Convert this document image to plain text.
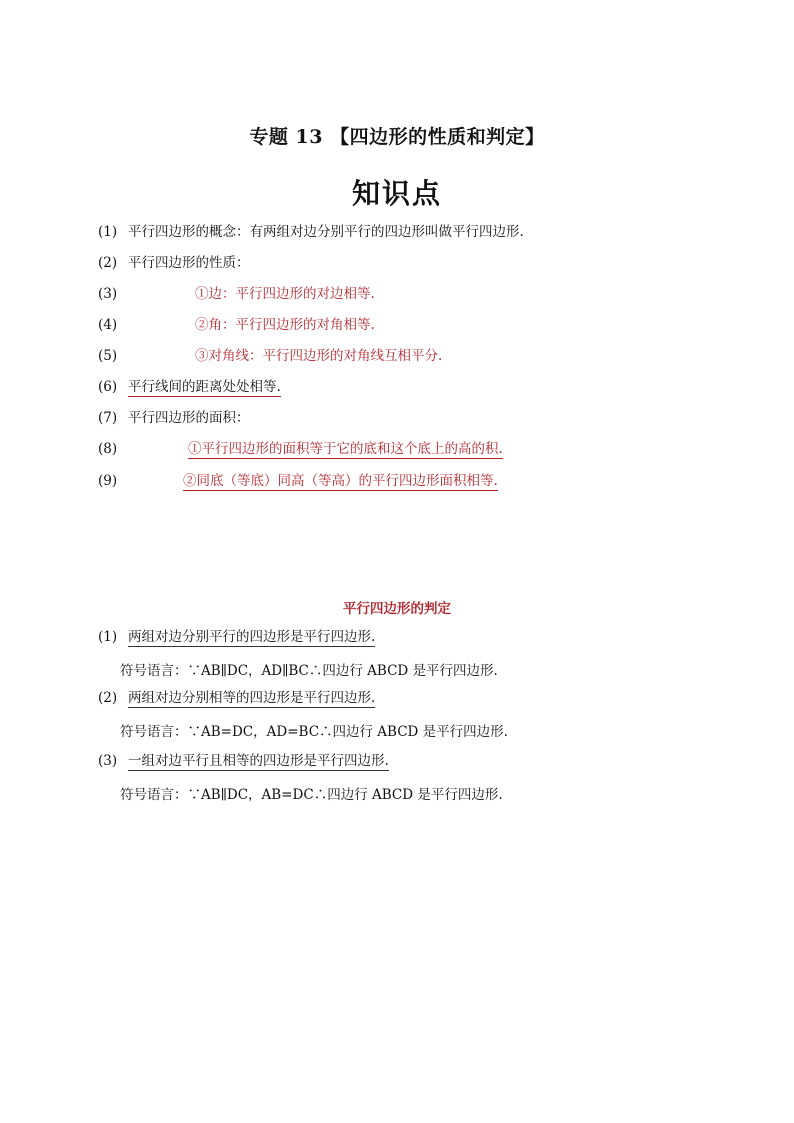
专题 13 【四边形的性质和判定】
知识点
(1) 平行四边形的概念：有两组对边分别平行的四边形叫做平行四边形.
(2) 平行四边形的性质：
(3)	①边：平行四边形的对边相等.
(4)	②角：平行四边形的对角相等.
(5)	③对角线：平行四边形的对角线互相平分.
(6) 平行线间的距离处处相等.
(7) 平行四边形的面积：
(8)	①平行四边形的面积等于它的底和这个底上的高的积.
(9)	②同底（等底）同高（等高）的平行四边形面积相等.
平行四边形的判定
(1) 两组对边分别平行的四边形是平行四边形.
符号语言：∵AB∥DC，AD∥BC∴四边行 ABCD 是平行四边形.
(2) 两组对边分别相等的四边形是平行四边形.
符号语言：∵AB=DC，AD=BC∴四边行 ABCD 是平行四边形.
(3) 一组对边平行且相等的四边形是平行四边形.
符号语言：∵AB∥DC，AB=DC∴四边行 ABCD 是平行四边形.
